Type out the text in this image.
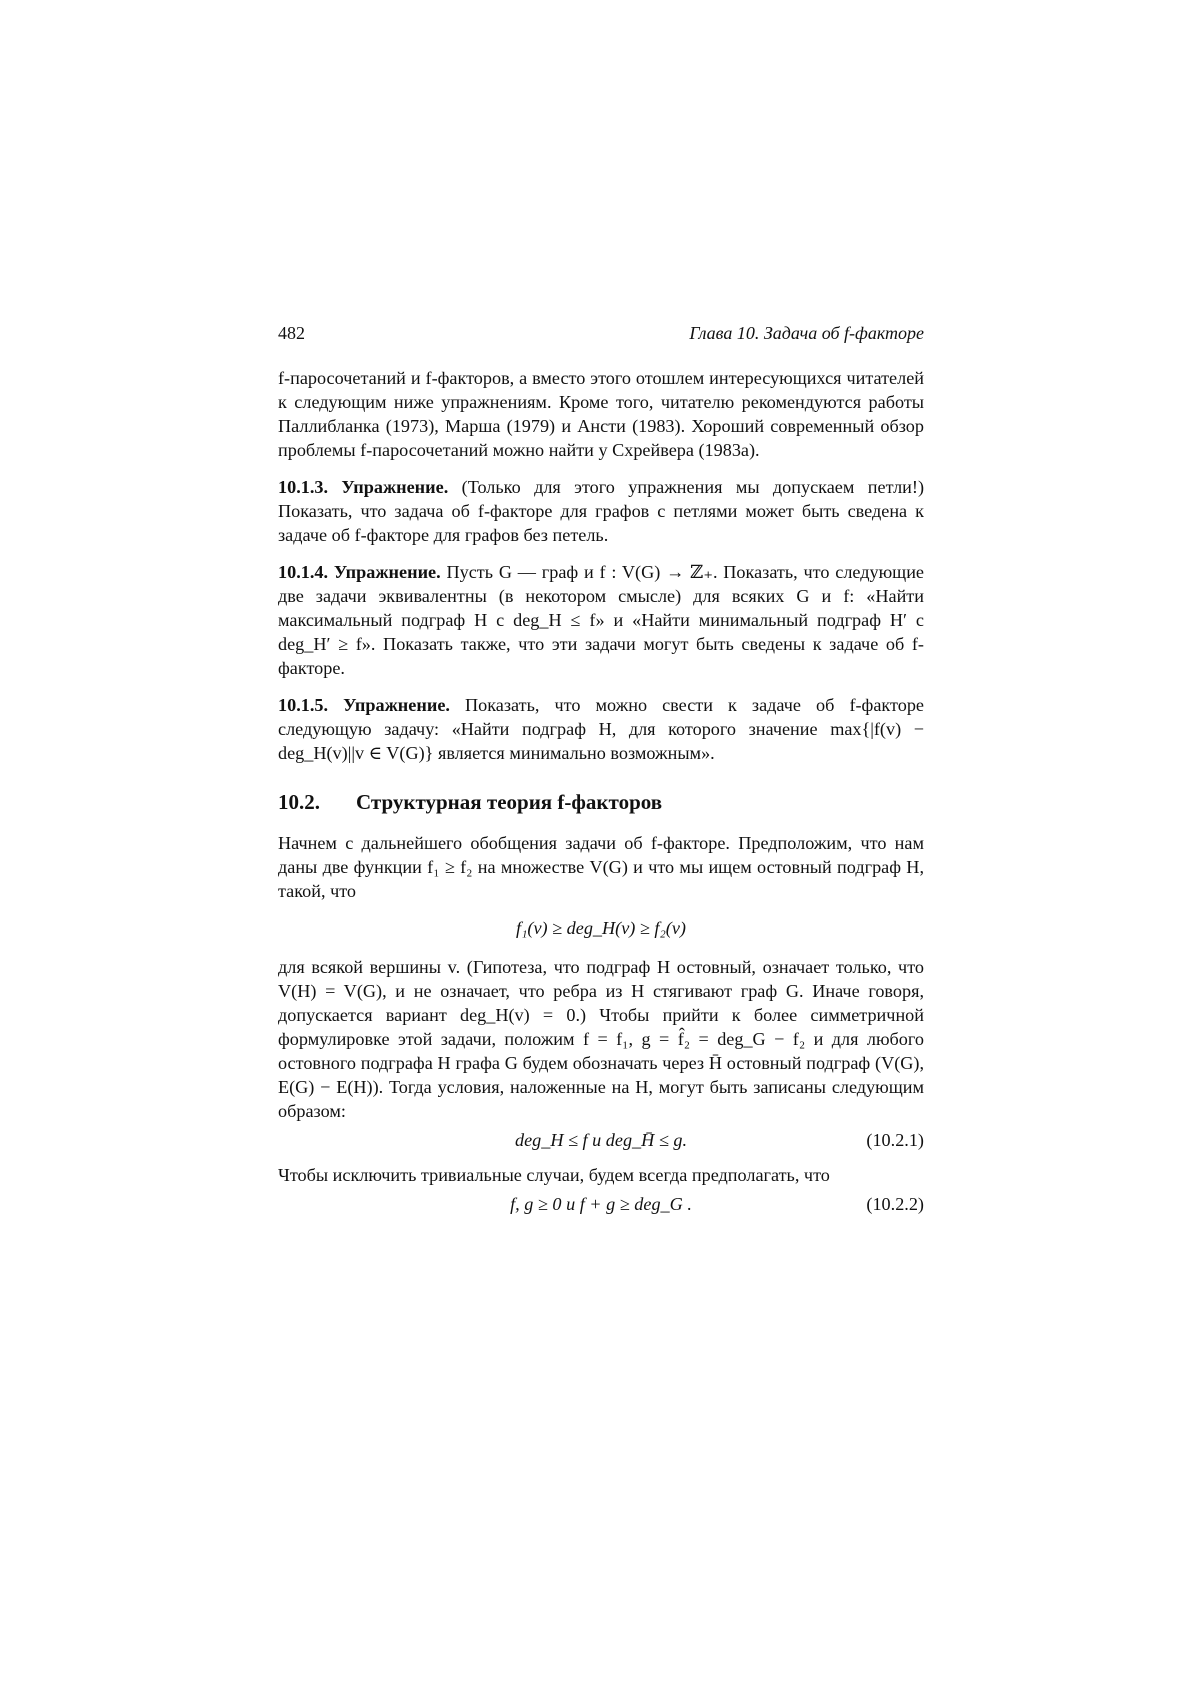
482	Глава 10. Задача об f-факторе

f-паросочетаний и f-факторов, а вместо этого отошлем интересующихся читателей к следующим ниже упражнениям. Кроме того, читателю рекомендуются работы Паллибланка (1973), Марша (1979) и Ансти (1983). Хороший современный обзор проблемы f-паросочетаний можно найти у Схрейвера (1983а).

10.1.3. Упражнение. (Только для этого упражнения мы допускаем петли!) Показать, что задача об f-факторе для графов с петлями может быть сведена к задаче об f-факторе для графов без петель.

10.1.4. Упражнение. Пусть G — граф и f : V(G) → ℤ₊. Показать, что следующие две задачи эквивалентны (в некотором смысле) для всяких G и f: «Найти максимальный подграф H с deg_H ≤ f» и «Найти минимальный подграф H′ с deg_H′ ≥ f». Показать также, что эти задачи могут быть сведены к задаче об f-факторе.

10.1.5. Упражнение. Показать, что можно свести к задаче об f-факторе следующую задачу: «Найти подграф H, для которого значение max{|f(v) − deg_H(v)||v ∈ V(G)} является минимально возможным».

10.2.	Структурная теория f-факторов

Начнем с дальнейшего обобщения задачи об f-факторе. Предположим, что нам даны две функции f₁ ≥ f₂ на множестве V(G) и что мы ищем остовный подграф H, такой, что

f₁(v) ≥ deg_H(v) ≥ f₂(v)

для всякой вершины v. (Гипотеза, что подграф H остовный, означает только, что V(H) = V(G), и не означает, что ребра из H стягивают граф G. Иначе говоря, допускается вариант deg_H(v) = 0.) Чтобы прийти к более симметричной формулировке этой задачи, положим f = f₁, g = f̂₂ = deg_G − f₂ и для любого остовного подграфа H графа G будем обозначать через H̄ остовный подграф (V(G), E(G) − E(H)). Тогда условия, наложенные на H, могут быть записаны следующим образом:

deg_H ≤ f и deg_H̄ ≤ g.	(10.2.1)

Чтобы исключить тривиальные случаи, будем всегда предполагать, что

f, g ≥ 0 и f + g ≥ deg_G .	(10.2.2)
